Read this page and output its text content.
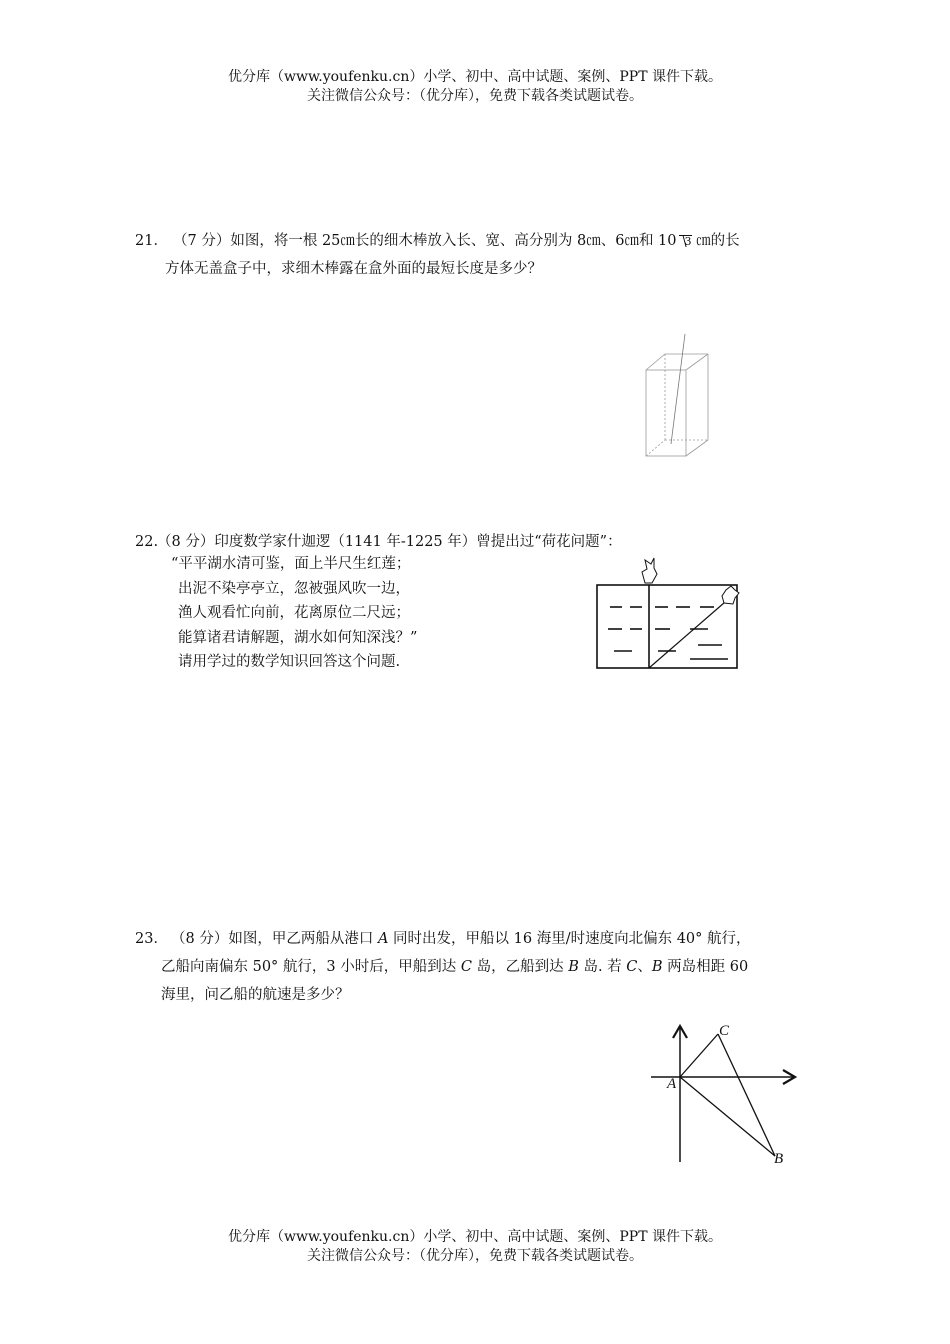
优分库（www.youfenku.cn）小学、初中、高中试题、案例、PPT 课件下载。
关注微信公众号：（优分库），免费下载各类试题试卷。
21． （7 分）如图，将一根 25㎝长的细木棒放入长、宽、高分别为 8㎝、6㎝和 10 3 ㎝的长
方体无盖盒子中，求细木棒露在盒外面的最短长度是多少？
22.
（8 分）印度数学家什迦逻（1141 年-1225 年）曾提出过“荷花问题”：
“平平湖水清可鉴，面上半尺生红莲；
出泥不染亭亭立，忽被强风吹一边，
渔人观看忙向前，花离原位二尺远；
能算诸君请解题，湖水如何知深浅？”
请用学过的数学知识回答这个问题.
23． （8 分）如图，甲乙两船从港口 A 同时出发，甲船以 16 海里/时速度向北偏东 40° 航行，
乙船向南偏东 50° 航行，3 小时后，甲船到达 C 岛，乙船到达 B 岛. 若 C、B 两岛相距 60
海里，问乙船的航速是多少？
A
C
B
优分库（www.youfenku.cn）小学、初中、高中试题、案例、PPT 课件下载。
关注微信公众号：（优分库），免费下载各类试题试卷。
